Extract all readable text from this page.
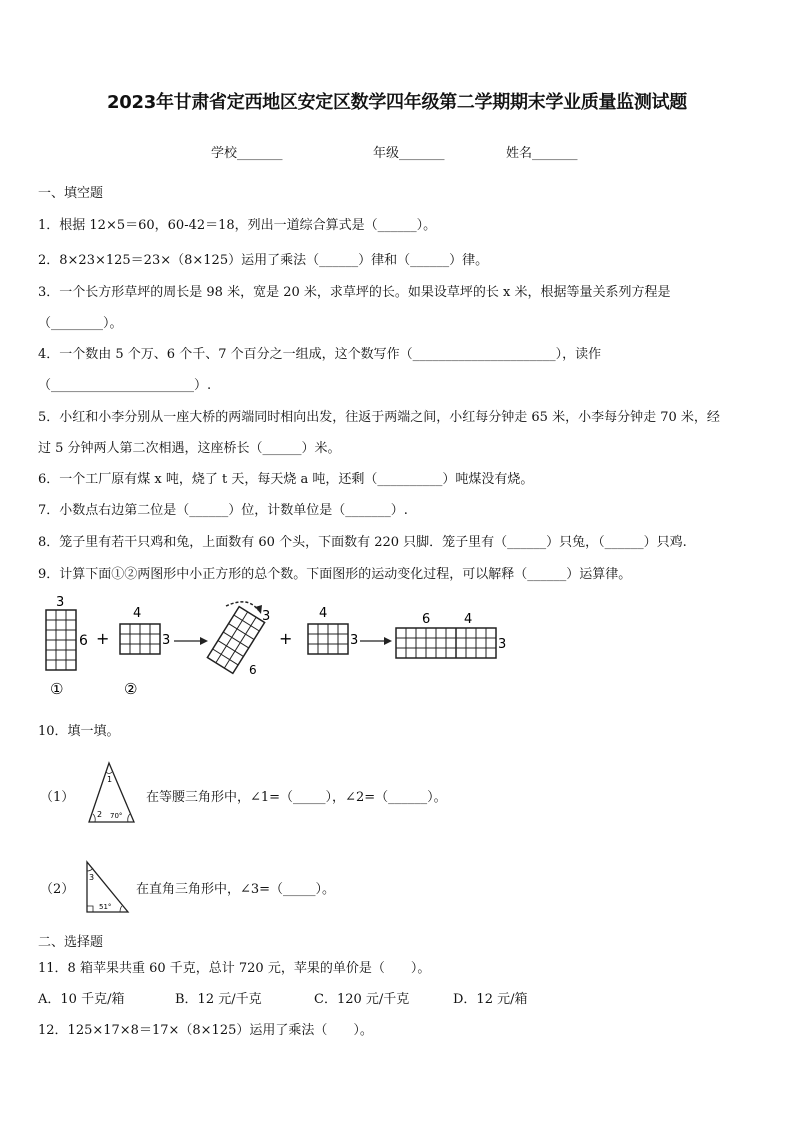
2023年甘肃省定西地区安定区数学四年级第二学期期末学业质量监测试题
学校_______	年级_______	姓名_______
一、填空题
1．根据 12×5＝60，60-42＝18，列出一道综合算式是（______）。
2．8×23×125＝23×（8×125）运用了乘法（______）律和（______）律。
3．一个长方形草坪的周长是 98 米，宽是 20 米，求草坪的长。如果设草坪的长 x 米，根据等量关系列方程是
（________）。
4．一个数由 5 个万、6 个千、7 个百分之一组成，这个数写作（______________________），读作
（______________________）.
5．小红和小李分别从一座大桥的两端同时相向出发，往返于两端之间，小红每分钟走 65 米，小李每分钟走 70 米，经
过 5 分钟两人第二次相遇，这座桥长（______）米。
6．一个工厂原有煤 x 吨，烧了 t 天，每天烧 a 吨，还剩（__________）吨煤没有烧。
7．小数点右边第二位是（______）位，计数单位是（_______）.
8．笼子里有若干只鸡和兔，上面数有 60 个头，下面数有 220 只脚．笼子里有（______）只兔，（______）只鸡.
9．计算下面①②两图形中小正方形的总个数。下面图形的运动变化过程，可以解释（______）运算律。
3
6 +
4
3
①	②
3
6
+
4
3
6	4
3
10．填一填。
（1）
1
2 70°
在等腰三角形中，∠1=（_____），∠2=（______）。
（2）
3
51°
在直角三角形中，∠3=（_____）。
二、选择题
11．8 箱苹果共重 60 千克，总计 720 元，苹果的单价是（　　）。
A．10 千克/箱	B．12 元/千克	C．120 元/千克	D．12 元/箱
12．125×17×8＝17×（8×125）运用了乘法（　　）。
